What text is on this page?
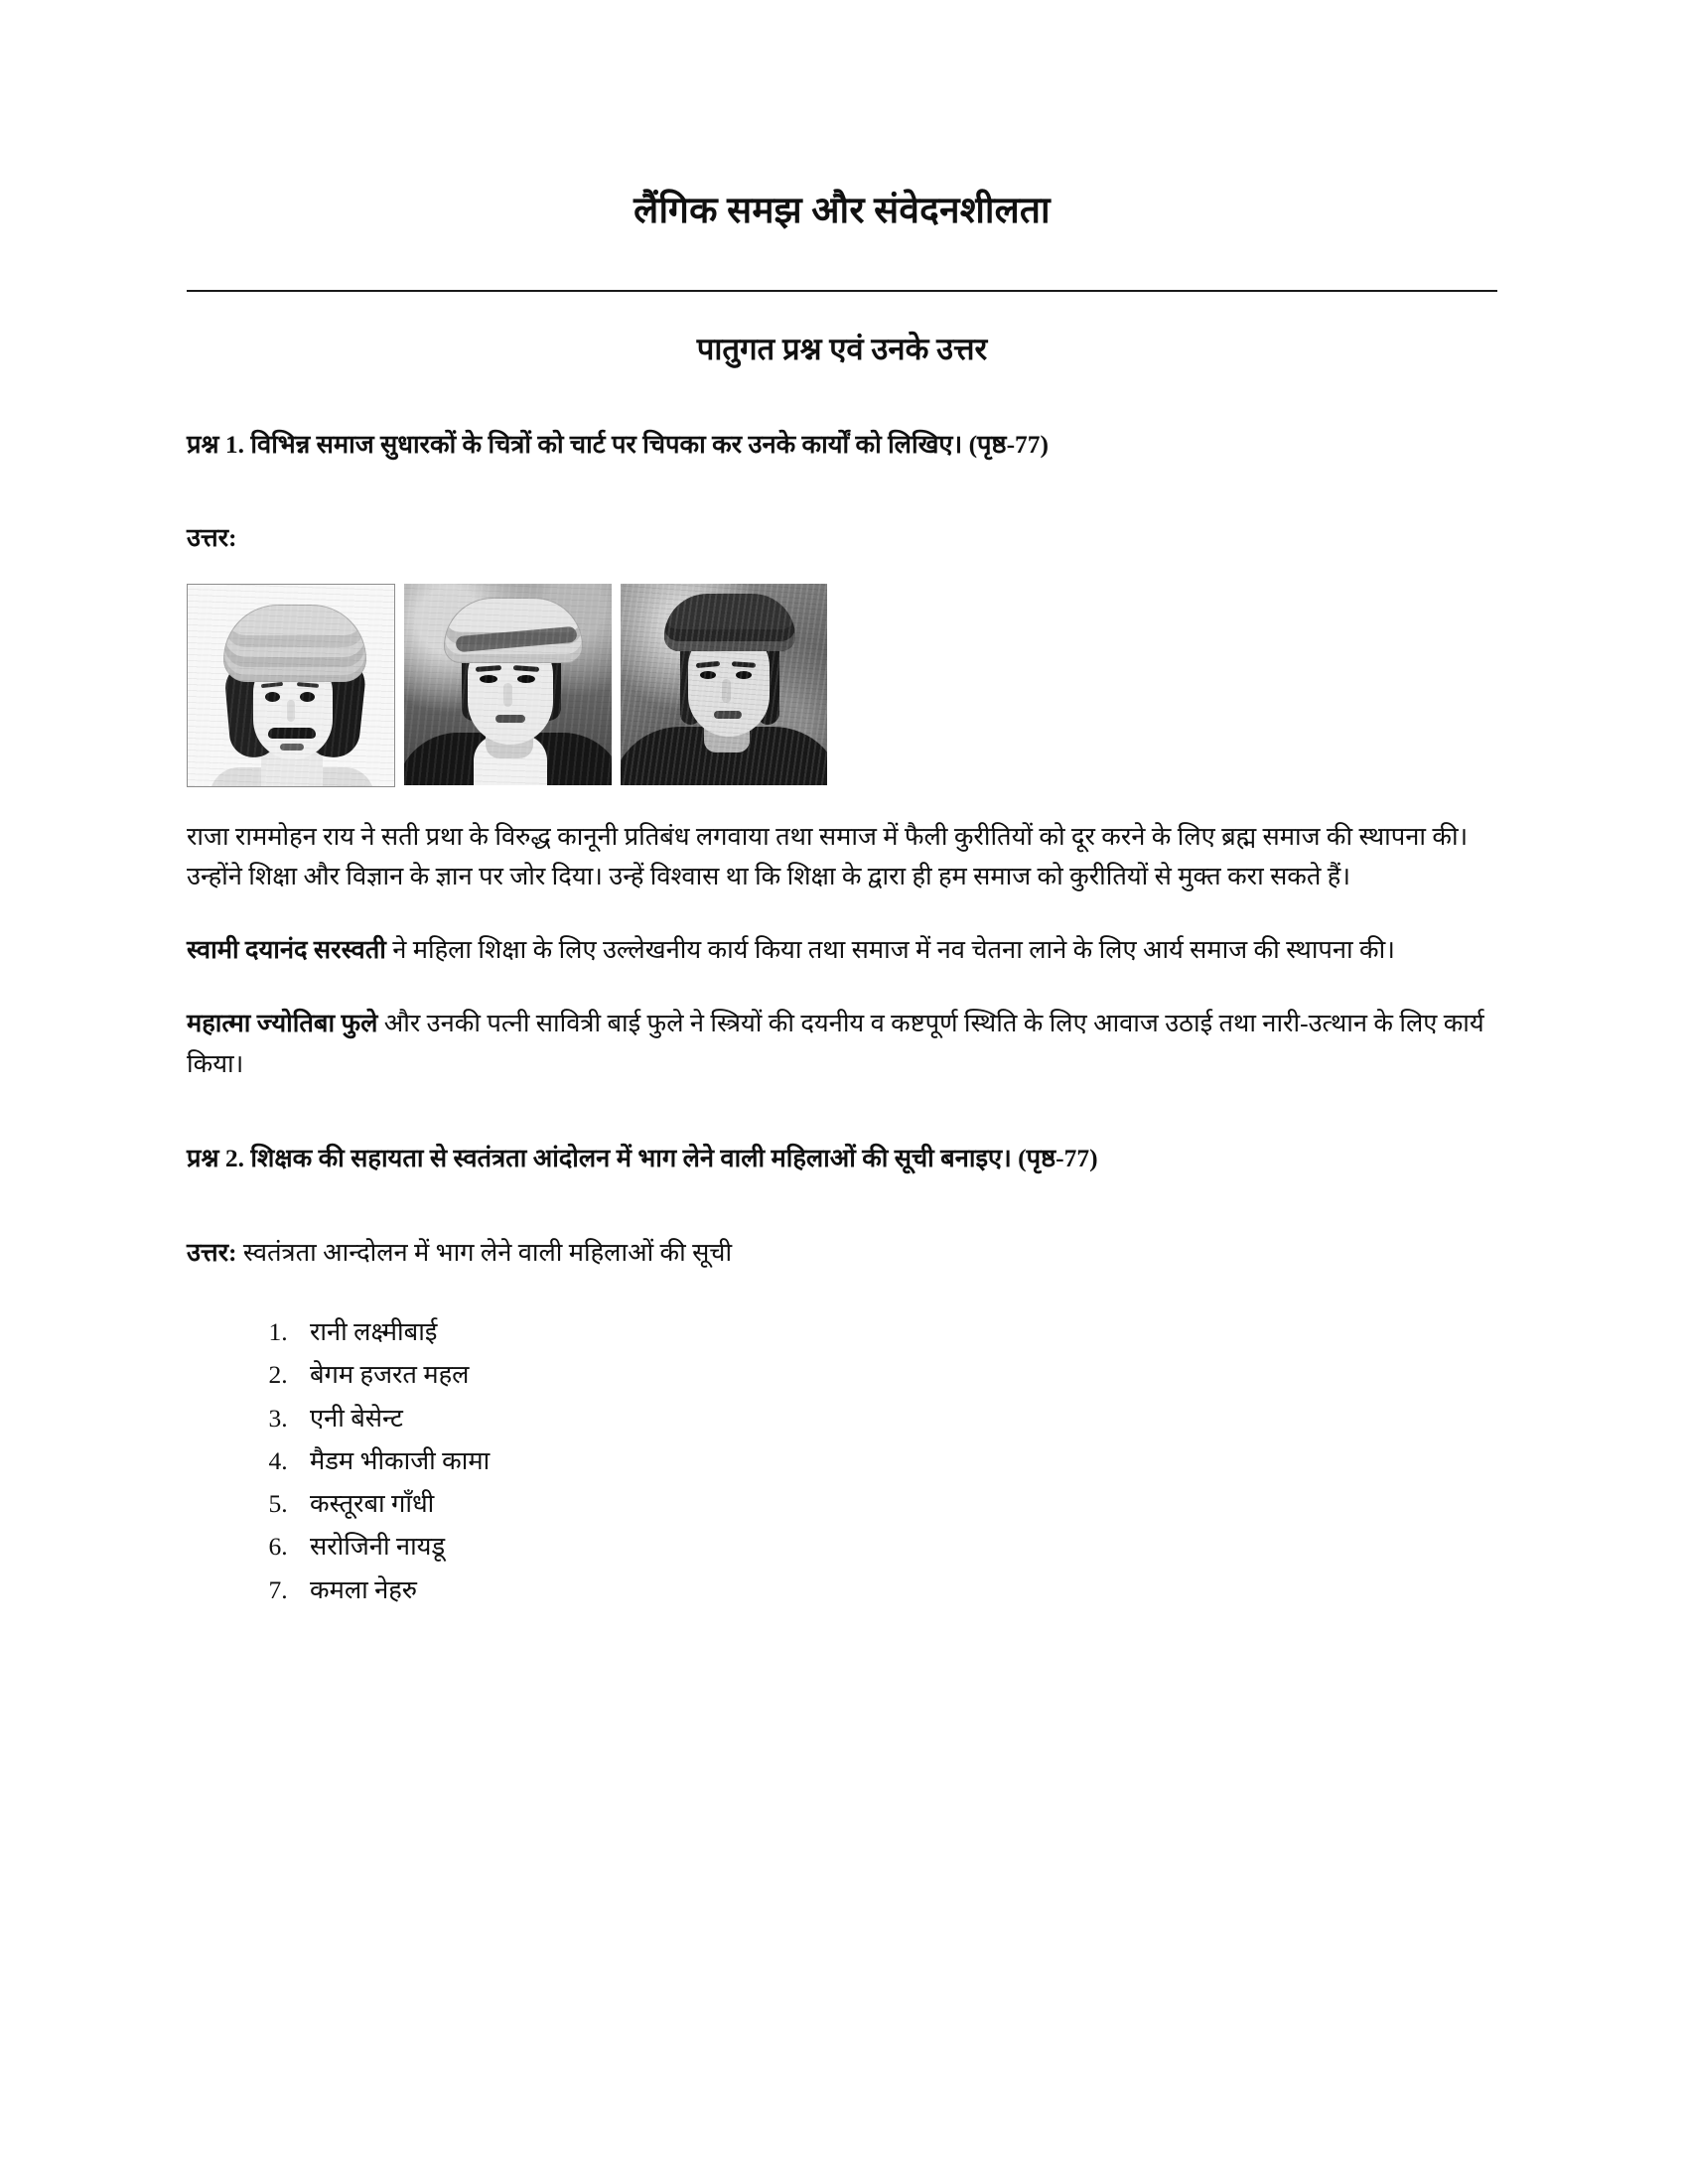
लैंगिक समझ और संवेदनशीलता
पातुगत प्रश्न एवं उनके उत्तर

प्रश्न 1. विभिन्न समाज सुधारकों के चित्रों को चार्ट पर चिपका कर उनके कार्यों को लिखिए। (पृष्ठ-77)

उत्तर:

राजा राममोहन राय ने सती प्रथा के विरुद्ध कानूनी प्रतिबंध लगवाया तथा समाज में फैली कुरीतियों को दूर करने के लिए ब्रह्म समाज की स्थापना की। उन्होंने शिक्षा और विज्ञान के ज्ञान पर जोर दिया। उन्हें विश्वास था कि शिक्षा के द्वारा ही हम समाज को कुरीतियों से मुक्त करा सकते हैं।

स्वामी दयानंद सरस्वती ने महिला शिक्षा के लिए उल्लेखनीय कार्य किया तथा समाज में नव चेतना लाने के लिए आर्य समाज की स्थापना की।

महात्मा ज्योतिबा फुले और उनकी पत्नी सावित्री बाई फुले ने स्त्रियों की दयनीय व कष्टपूर्ण स्थिति के लिए आवाज उठाई तथा नारी-उत्थान के लिए कार्य किया।

प्रश्न 2. शिक्षक की सहायता से स्वतंत्रता आंदोलन में भाग लेने वाली महिलाओं की सूची बनाइए। (पृष्ठ-77)

उत्तर: स्वतंत्रता आन्दोलन में भाग लेने वाली महिलाओं की सूची

1. रानी लक्ष्मीबाई
2. बेगम हजरत महल
3. एनी बेसेन्ट
4. मैडम भीकाजी कामा
5. कस्तूरबा गाँधी
6. सरोजिनी नायडू
7. कमला नेहरु
